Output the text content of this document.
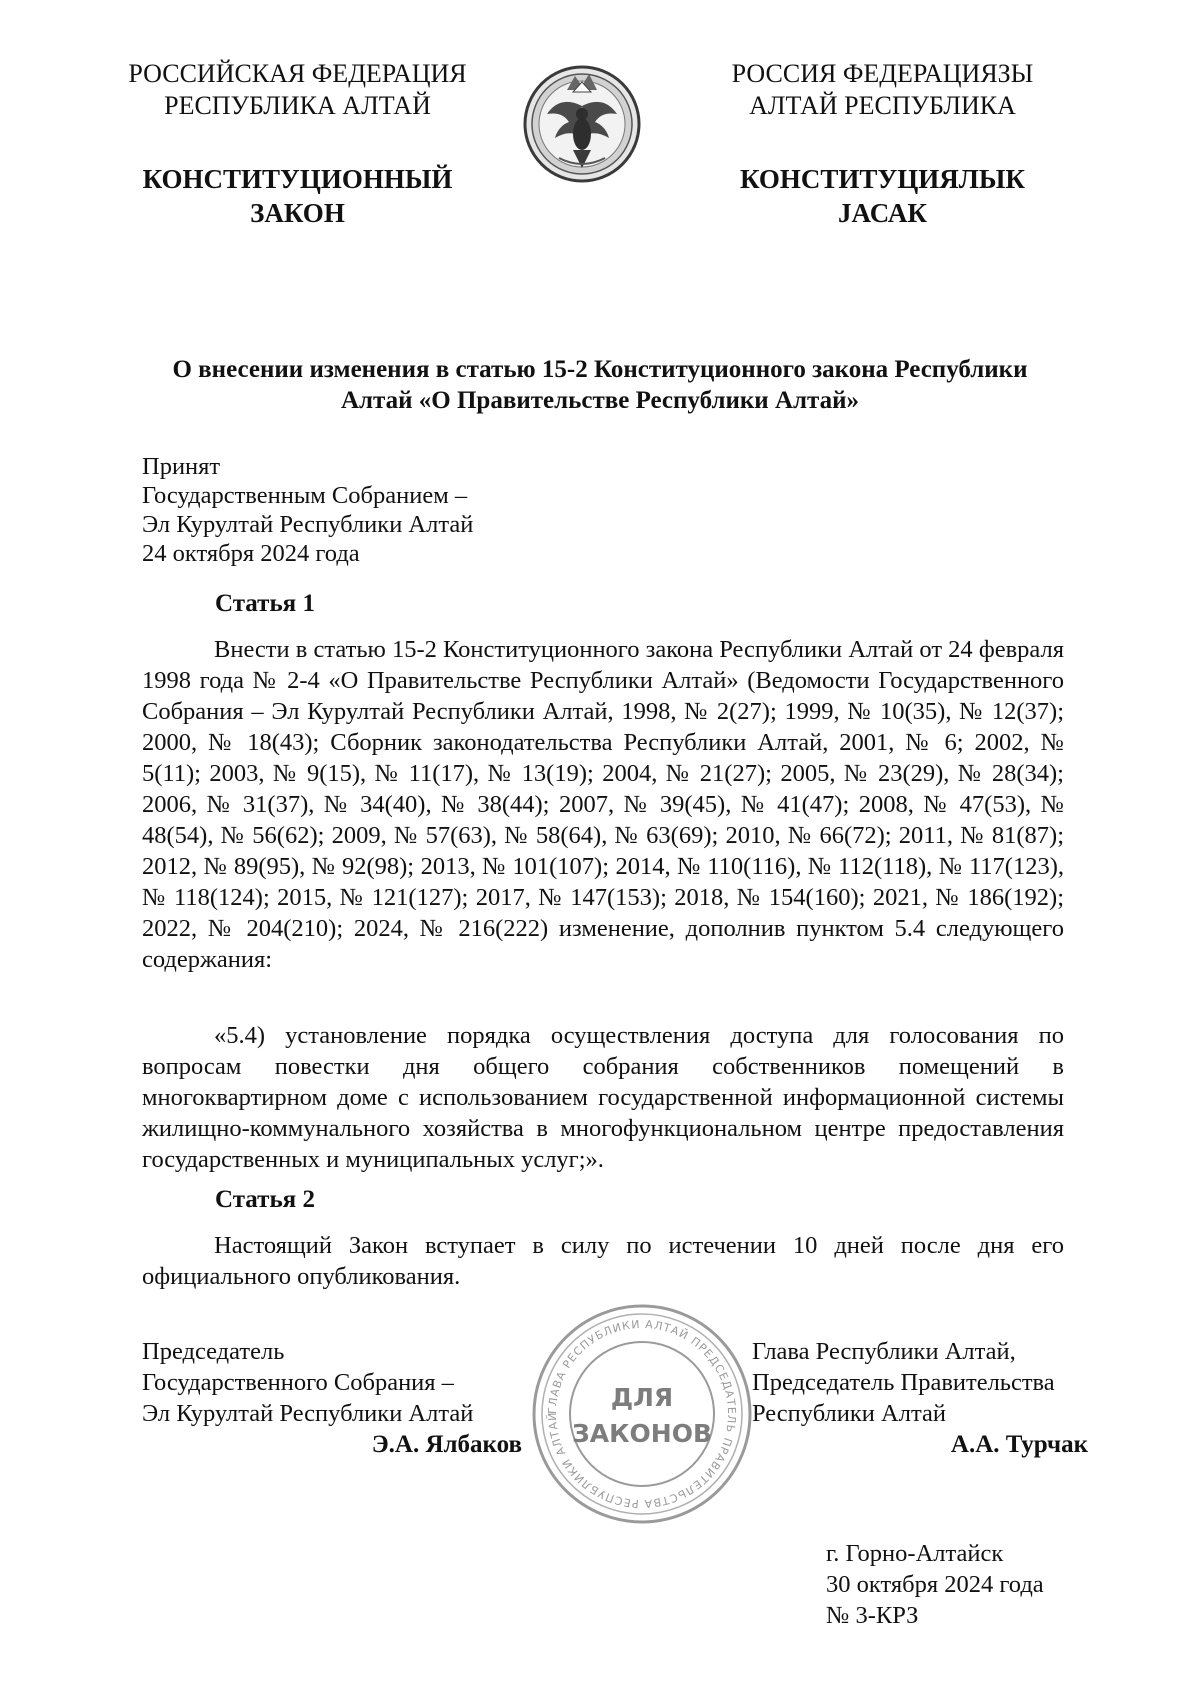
РОССИЙСКАЯ ФЕДЕРАЦИЯ
РЕСПУБЛИКА АЛТАЙ
КОНСТИТУЦИОННЫЙ
ЗАКОН
РОССИЯ ФЕДЕРАЦИЯЗЫ
АЛТАЙ РЕСПУБЛИКА
КОНСТИТУЦИЯЛЫК
JАСАК
О внесении изменения в статью 15-2 Конституционного закона Республики
Алтай «О Правительстве Республики Алтай»
Принят
Государственным Собранием –
Эл Курултай Республики Алтай
24 октября 2024 года
Статья 1
Внести в статью 15-2 Конституционного закона Республики Алтай от 24 февраля 1998 года № 2-4 «О Правительстве Республики Алтай» (Ведомости Государственного Собрания – Эл Курултай Республики Алтай, 1998, № 2(27); 1999, № 10(35), № 12(37); 2000, № 18(43); Сборник законодательства Республики Алтай, 2001, № 6; 2002, № 5(11); 2003, № 9(15), № 11(17), № 13(19); 2004, № 21(27); 2005, № 23(29), № 28(34); 2006, № 31(37), № 34(40), № 38(44); 2007, № 39(45), № 41(47); 2008, № 47(53), № 48(54), № 56(62); 2009, № 57(63), № 58(64), № 63(69); 2010, № 66(72); 2011, № 81(87); 2012, № 89(95), № 92(98); 2013, № 101(107); 2014, № 110(116), № 112(118), № 117(123), № 118(124); 2015, № 121(127); 2017, № 147(153); 2018, № 154(160); 2021, № 186(192); 2022, № 204(210); 2024, № 216(222) изменение, дополнив пунктом 5.4 следующего содержания:
«5.4) установление порядка осуществления доступа для голосования по вопросам повестки дня общего собрания собственников помещений в многоквартирном доме с использованием государственной информационной системы жилищно-коммунального хозяйства в многофункциональном центре предоставления государственных и муниципальных услуг;».
Статья 2
Настоящий Закон вступает в силу по истечении 10 дней после дня его официального опубликования.
ГЛАВА РЕСПУБЛИКИ АЛТАЙ ПРЕДСЕДАТЕЛЬ ПРАВИТЕЛЬСТВА РЕСПУБЛИКИ АЛТАЙ
ДЛЯ
ЗАКОНОВ
Председатель
Государственного Собрания –
Эл Курултай Республики Алтай
Э.А. Ялбаков
Глава Республики Алтай,
Председатель Правительства
Республики Алтай
А.А. Турчак
г. Горно-Алтайск
30 октября 2024 года
№ 3-КРЗ
